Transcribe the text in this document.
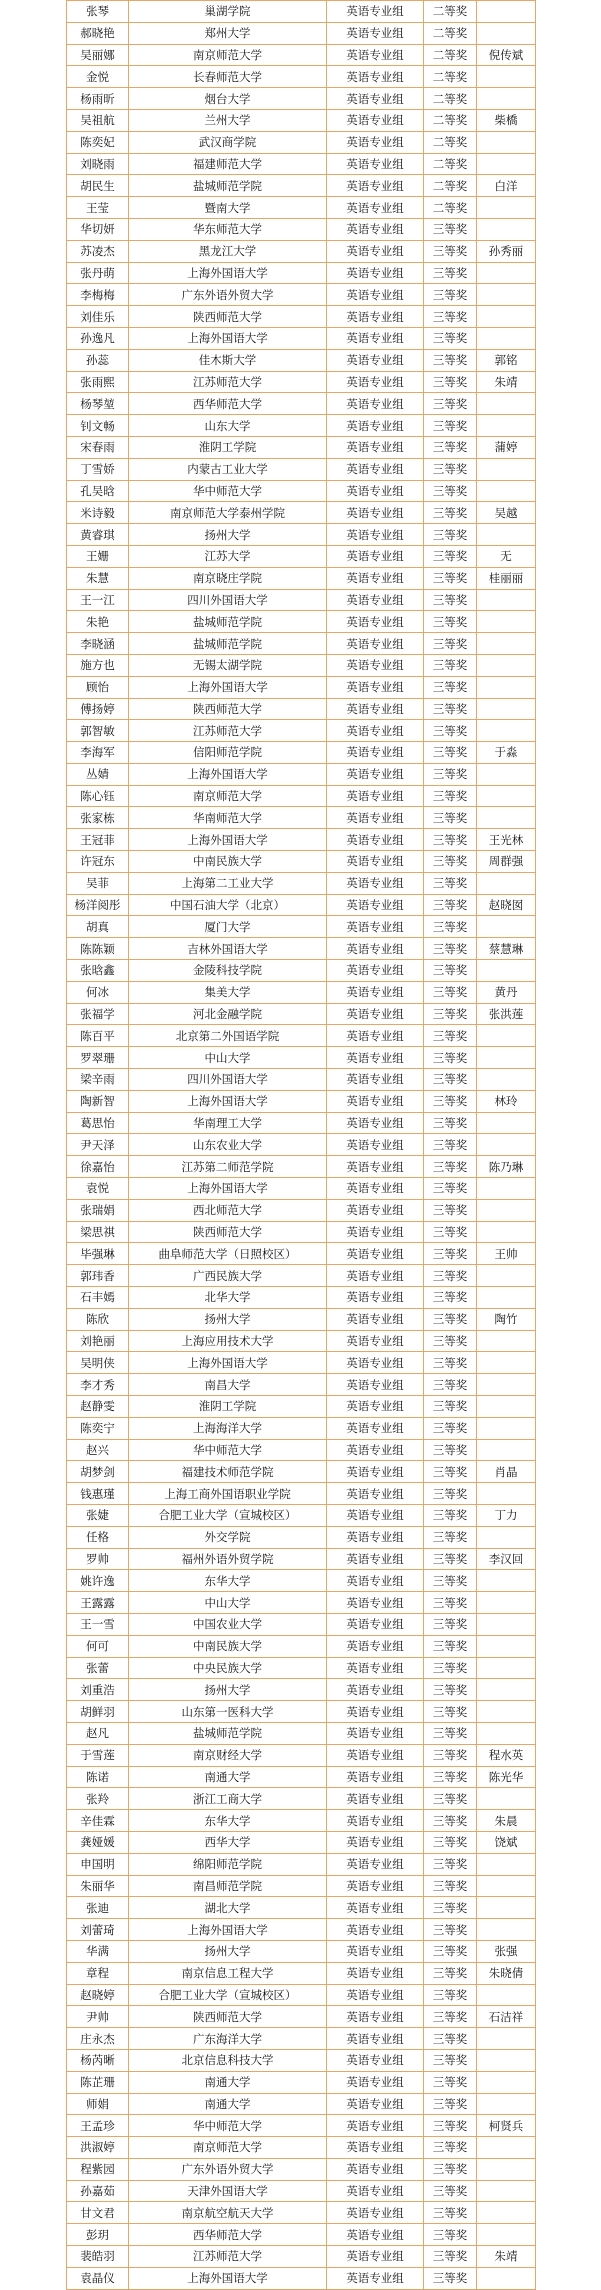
张琴	巢湖学院	英语专业组	二等奖	
郝晓艳	郑州大学	英语专业组	二等奖	
吴丽娜	南京师范大学	英语专业组	二等奖	倪传斌
金悦	长春师范大学	英语专业组	二等奖	
杨雨昕	烟台大学	英语专业组	二等奖	
吴祖航	兰州大学	英语专业组	二等奖	柴橋
陈奕妃	武汉商学院	英语专业组	二等奖	
刘晓雨	福建师范大学	英语专业组	二等奖	
胡民生	盐城师范学院	英语专业组	二等奖	白洋
王莹	暨南大学	英语专业组	二等奖	
华切妍	华东师范大学	英语专业组	三等奖	
苏凌杰	黑龙江大学	英语专业组	三等奖	孙秀丽
张丹萌	上海外国语大学	英语专业组	三等奖	
李梅梅	广东外语外贸大学	英语专业组	三等奖	
刘佳乐	陕西师范大学	英语专业组	三等奖	
孙逸凡	上海外国语大学	英语专业组	三等奖	
孙蕊	佳木斯大学	英语专业组	三等奖	郭铭
张雨熙	江苏师范大学	英语专业组	三等奖	朱靖
杨琴堃	西华师范大学	英语专业组	三等奖	
钊文畅	山东大学	英语专业组	三等奖	
宋春雨	淮阴工学院	英语专业组	三等奖	蒲婷
丁雪娇	内蒙古工业大学	英语专业组	三等奖	
孔吴晗	华中师范大学	英语专业组	三等奖	
米诗毅	南京师范大学泰州学院	英语专业组	三等奖	吴越
黄睿琪	扬州大学	英语专业组	三等奖	
王姗	江苏大学	英语专业组	三等奖	无
朱慧	南京晓庄学院	英语专业组	三等奖	桂丽丽
王一江	四川外国语大学	英语专业组	三等奖	
朱艳	盐城师范学院	英语专业组	三等奖	
李晓涵	盐城师范学院	英语专业组	三等奖	
施方也	无锡太湖学院	英语专业组	三等奖	
顾怡	上海外国语大学	英语专业组	三等奖	
傅扬婷	陕西师范大学	英语专业组	三等奖	
郭智敏	江苏师范大学	英语专业组	三等奖	
李海军	信阳师范学院	英语专业组	三等奖	于淼
丛婧	上海外国语大学	英语专业组	三等奖	
陈心钰	南京师范大学	英语专业组	三等奖	
张家栋	华南师范大学	英语专业组	三等奖	
王冠菲	上海外国语大学	英语专业组	三等奖	王光林
许冠东	中南民族大学	英语专业组	三等奖	周群强
吴菲	上海第二工业大学	英语专业组	三等奖	
杨洋阅彤	中国石油大学（北京）	英语专业组	三等奖	赵晓囡
胡真	厦门大学	英语专业组	三等奖	
陈陈颖	吉林外国语大学	英语专业组	三等奖	蔡慧琳
张晗鑫	金陵科技学院	英语专业组	三等奖	
何冰	集美大学	英语专业组	三等奖	黄丹
张福学	河北金融学院	英语专业组	三等奖	张洪莲
陈百平	北京第二外国语学院	英语专业组	三等奖	
罗翠珊	中山大学	英语专业组	三等奖	
梁辛雨	四川外国语大学	英语专业组	三等奖	
陶新智	上海外国语大学	英语专业组	三等奖	林玲
葛思怡	华南理工大学	英语专业组	三等奖	
尹天泽	山东农业大学	英语专业组	三等奖	
徐嘉怡	江苏第二师范学院	英语专业组	三等奖	陈乃琳
袁悦	上海外国语大学	英语专业组	三等奖	
张瑞娟	西北师范大学	英语专业组	三等奖	
梁思祺	陕西师范大学	英语专业组	三等奖	
毕强琳	曲阜师范大学（日照校区）	英语专业组	三等奖	王帅
郭玮香	广西民族大学	英语专业组	三等奖	
石丰嫣	北华大学	英语专业组	三等奖	
陈欣	扬州大学	英语专业组	三等奖	陶竹
刘艳丽	上海应用技术大学	英语专业组	三等奖	
吴明侠	上海外国语大学	英语专业组	三等奖	
李才秀	南昌大学	英语专业组	三等奖	
赵静雯	淮阴工学院	英语专业组	三等奖	
陈奕宁	上海海洋大学	英语专业组	三等奖	
赵兴	华中师范大学	英语专业组	三等奖	
胡梦剑	福建技术师范学院	英语专业组	三等奖	肖晶
钱惠瑾	上海工商外国语职业学院	英语专业组	三等奖	
张婕	合肥工业大学（宣城校区）	英语专业组	三等奖	丁力
任格	外交学院	英语专业组	三等奖	
罗帅	福州外语外贸学院	英语专业组	三等奖	李汉回
姚许逸	东华大学	英语专业组	三等奖	
王露露	中山大学	英语专业组	三等奖	
王一雪	中国农业大学	英语专业组	三等奖	
何可	中南民族大学	英语专业组	三等奖	
张蕾	中央民族大学	英语专业组	三等奖	
刘重浩	扬州大学	英语专业组	三等奖	
胡鲜羽	山东第一医科大学	英语专业组	三等奖	
赵凡	盐城师范学院	英语专业组	三等奖	
于雪莲	南京财经大学	英语专业组	三等奖	程水英
陈诺	南通大学	英语专业组	三等奖	陈光华
张羚	浙江工商大学	英语专业组	三等奖	
辛佳霖	东华大学	英语专业组	三等奖	朱晨
龚娅媛	西华大学	英语专业组	三等奖	饶斌
申国明	绵阳师范学院	英语专业组	三等奖	
朱丽华	南昌师范学院	英语专业组	三等奖	
张迪	湖北大学	英语专业组	三等奖	
刘蕾琦	上海外国语大学	英语专业组	三等奖	
华满	扬州大学	英语专业组	三等奖	张强
章程	南京信息工程大学	英语专业组	三等奖	朱晓倩
赵晓婷	合肥工业大学（宣城校区）	英语专业组	三等奖	
尹帅	陕西师范大学	英语专业组	三等奖	石洁祥
庄永杰	广东海洋大学	英语专业组	三等奖	
杨芮晰	北京信息科技大学	英语专业组	三等奖	
陈芷珊	南通大学	英语专业组	三等奖	
师娟	南通大学	英语专业组	三等奖	
王孟珍	华中师范大学	英语专业组	三等奖	柯贤兵
洪淑婷	南京师范大学	英语专业组	三等奖	
程紫园	广东外语外贸大学	英语专业组	三等奖	
孙嘉茹	天津外国语大学	英语专业组	三等奖	
甘文君	南京航空航天大学	英语专业组	三等奖	
彭玥	西华师范大学	英语专业组	三等奖	
裴皓羽	江苏师范大学	英语专业组	三等奖	朱靖
袁晶仪	上海外国语大学	英语专业组	三等奖	
